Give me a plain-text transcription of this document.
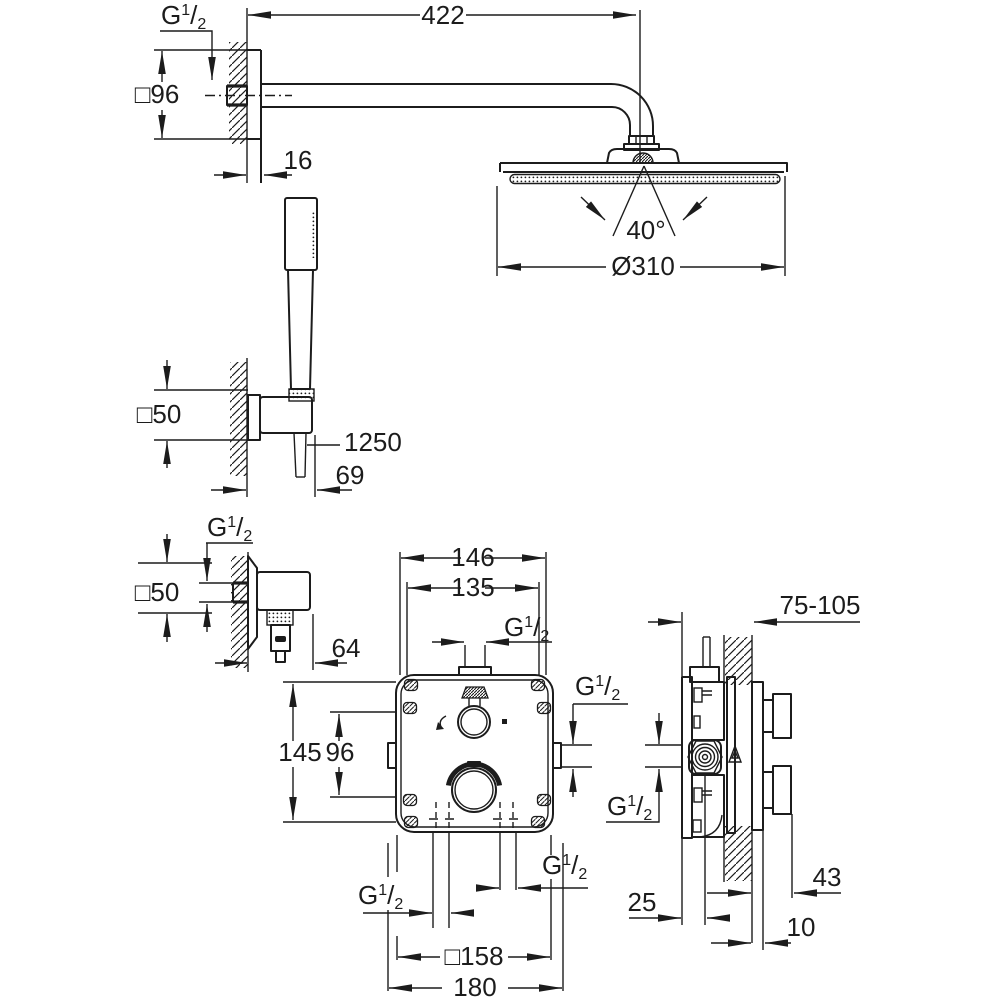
422
$G^1/2$
□96
16
40°
Ø310
□50
1250
69
$G^1/2$
□50
64
146
135
$G^1/2$
$G^1/2$
145 96
$G^1/2$
$G^1/2$
□158
180
75-105
$G^1/2$
43
25
10
